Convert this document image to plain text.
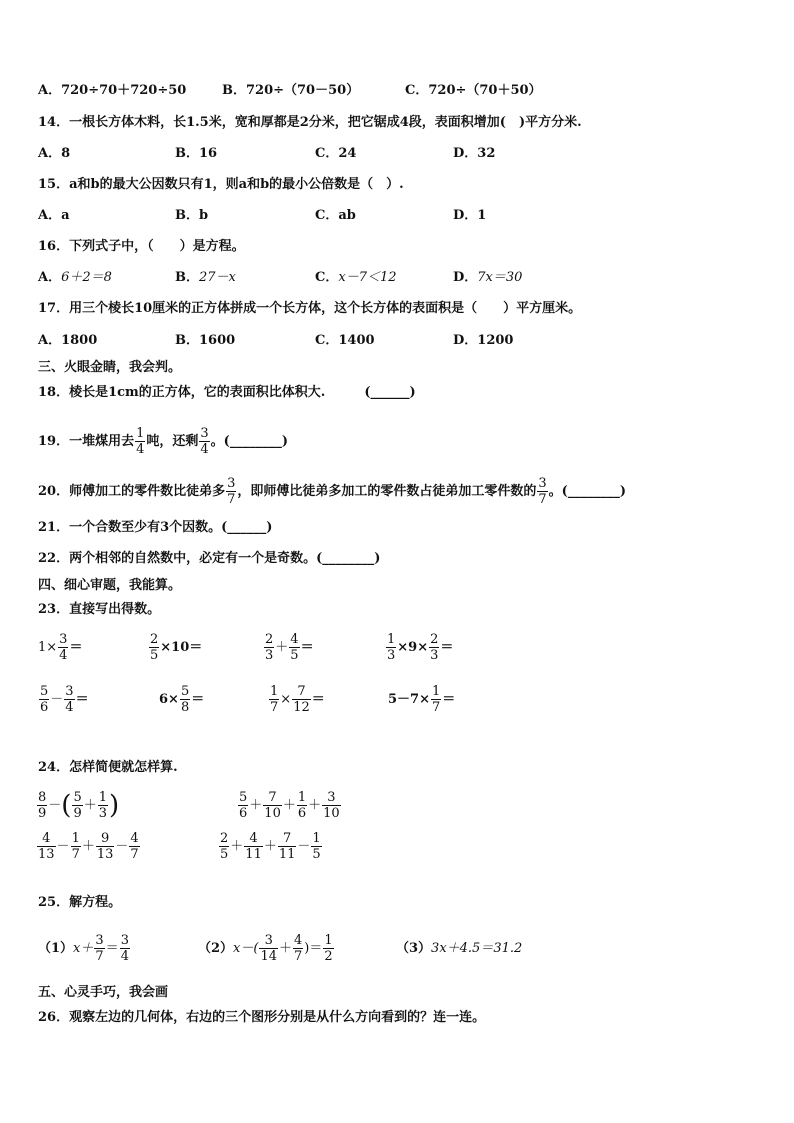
A．720÷70＋720÷50	B．720÷（70－50）	C．720÷（70＋50）
14．一根长方体木料，长1.5米，宽和厚都是2分米，把它锯成4段，表面积增加(　)平方分米.
A．8	B．16	C．24	D．32
15．a和b的最大公因数只有1，则a和b的最小公倍数是（　）.
A．a	B．b	C．ab	D．1
16．下列式子中，（　　）是方程。
A．6＋2＝8	B．27－x	C．x－7＜12	D．7x＝30
17．用三个棱长10厘米的正方体拼成一个长方体，这个长方体的表面积是（　　）平方厘米。
A．1800	B．1600	C．1400	D．1200
三、火眼金睛，我会判。
18．棱长是1cm的正方体，它的表面积比体积大.　　　(______)
19．一堆煤用去 $\frac{1}{4}$ 吨，还剩 $\frac{3}{4}$ 。(________)
20．师傅加工的零件数比徒弟多 $\frac{3}{7}$ ，即师傅比徒弟多加工的零件数占徒弟加工零件数的 $\frac{3}{7}$ 。(________)
21．一个合数至少有3个因数。(______)
22．两个相邻的自然数中，必定有一个是奇数。(________)
四、细心审题，我能算。
23．直接写出得数。
$1\times \frac{3}{4}$ ＝	$\frac{2}{5} \times 10=$	$\frac{2}{3} + \frac{4}{5}$ ＝	$\frac{1}{3} \times 9\times \frac{2}{3}$ ＝
$\frac{5}{6} - \frac{3}{4}$ ＝	$6\times \frac{5}{8}$ ＝	$\frac{1}{7} \times \frac{7}{12}$ ＝	$5-7\times \frac{1}{7}$ ＝
24．怎样简便就怎样算.
$\frac{8}{9}$ －( $\frac{5}{9} + \frac{1}{3}$ )	$\frac{5}{6} + \frac{7}{10} + \frac{1}{6} + \frac{3}{10}$
$\frac{4}{13} - \frac{1}{7} + \frac{9}{13} - \frac{4}{7}$	$\frac{2}{5} + \frac{4}{11} + \frac{7}{11} - \frac{1}{5}$
25．解方程。
$(1)x+ \frac{3}{7} = \frac{3}{4}$	$(2)x-( \frac{3}{14} + \frac{4}{7}$ )＝ $\frac{1}{2}$	（3）3x＋4.5＝31.2
五、心灵手巧，我会画
26．观察左边的几何体，右边的三个图形分别是从什么方向看到的？连一连。
